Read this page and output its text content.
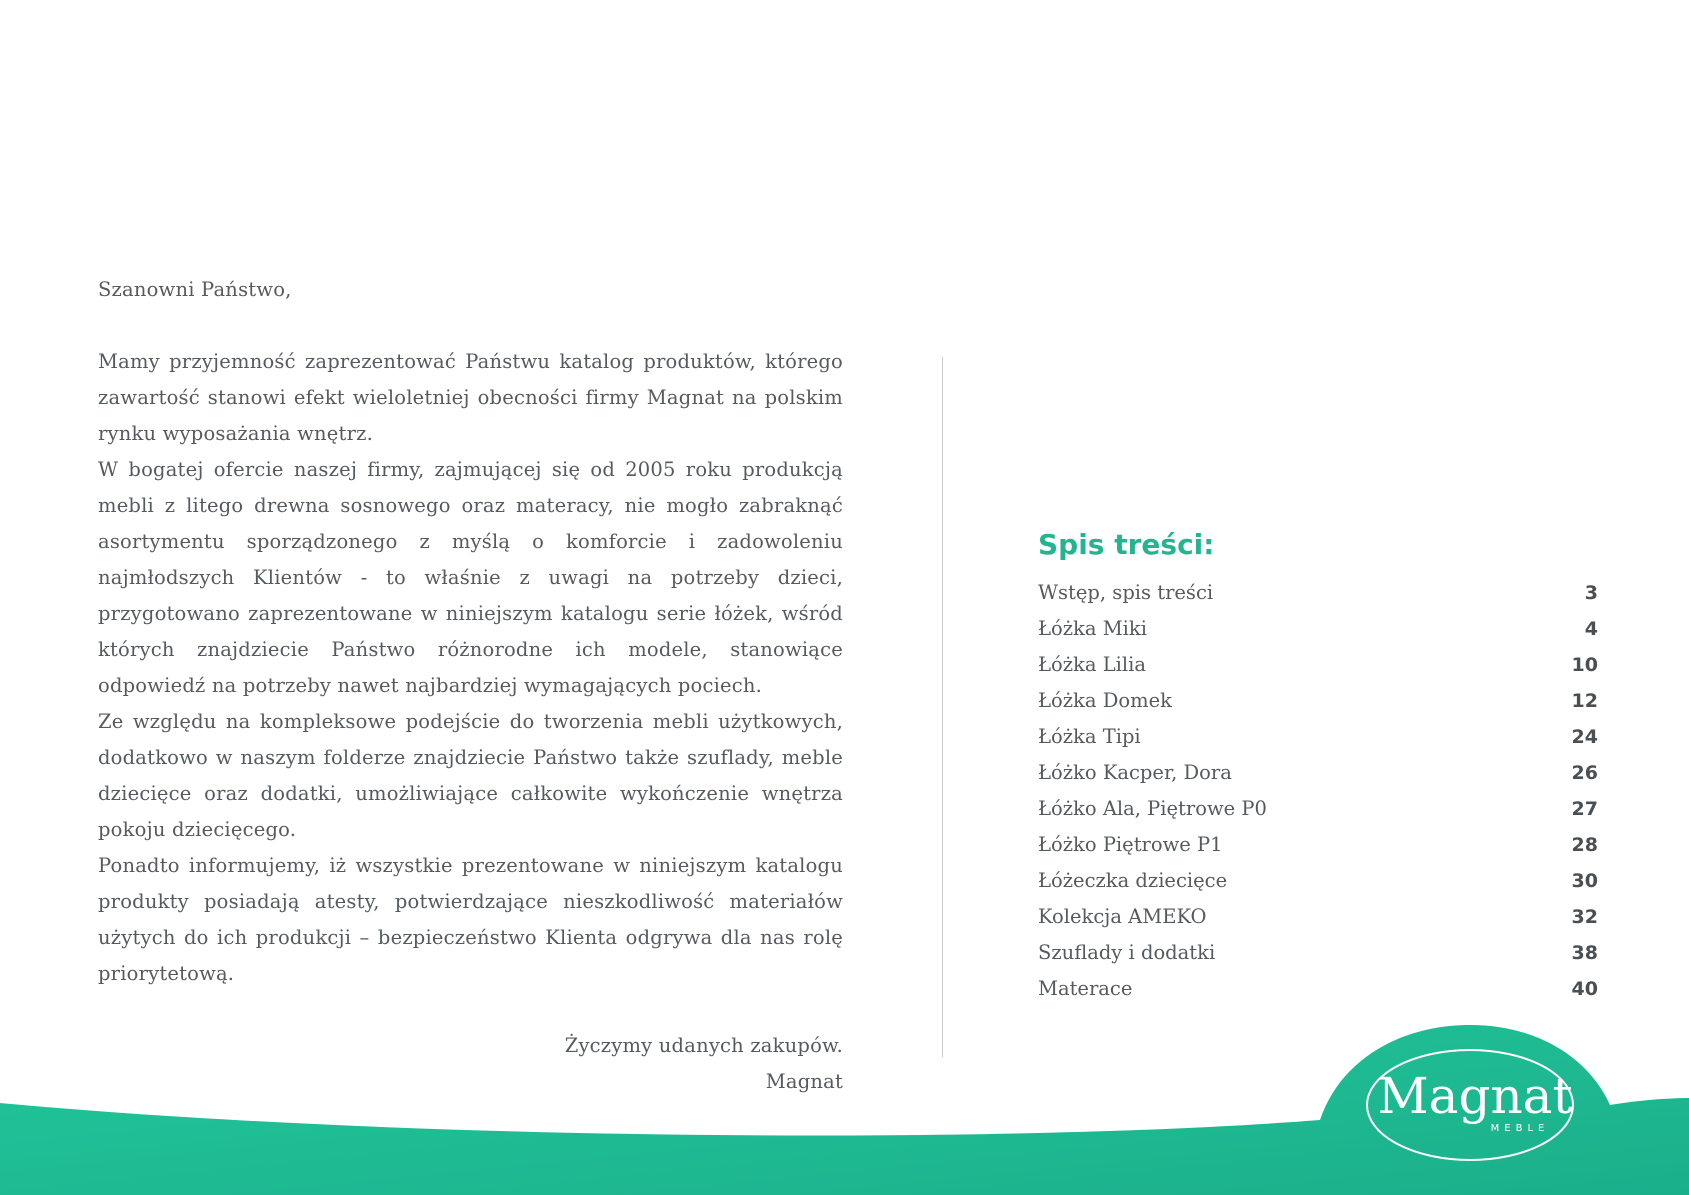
Szanowni Państwo,

Mamy przyjemność zaprezentować Państwu katalog produktów, którego zawartość stanowi efekt wieloletniej obecności firmy Magnat na polskim rynku wyposażania wnętrz.

W bogatej ofercie naszej firmy, zajmującej się od 2005 roku produkcją mebli z litego drewna sosnowego oraz materacy, nie mogło zabraknąć asortymentu sporządzonego z myślą o komforcie i zadowoleniu najmłodszych Klientów - to właśnie z uwagi na potrzeby dzieci, przygotowano zaprezentowane w niniejszym katalogu serie łóżek, wśród których znajdziecie Państwo różnorodne ich modele, stanowiące odpowiedź na potrzeby nawet najbardziej wymagających pociech.

Ze względu na kompleksowe podejście do tworzenia mebli użytkowych, dodatkowo w naszym folderze znajdziecie Państwo także szuflady, meble dziecięce oraz dodatki, umożliwiające całkowite wykończenie wnętrza pokoju dziecięcego.

Ponadto informujemy, iż wszystkie prezentowane w niniejszym katalogu produkty posiadają atesty, potwierdzające nieszkodliwość materiałów użytych do ich produkcji – bezpieczeństwo Klienta odgrywa dla nas rolę priorytetową.

Życzymy udanych zakupów.
Magnat
Spis treści:
Wstęp, spis treści	3
Łóżka Miki	4
Łóżka Lilia	10
Łóżka Domek	12
Łóżka Tipi	24
Łóżko Kacper, Dora	26
Łóżko Ala, Piętrowe P0	27
Łóżko Piętrowe P1	28
Łóżeczka dziecięce	30
Kolekcja AMEKO	32
Szuflady i dodatki	38
Materace	40
Magnat
MEBLE
